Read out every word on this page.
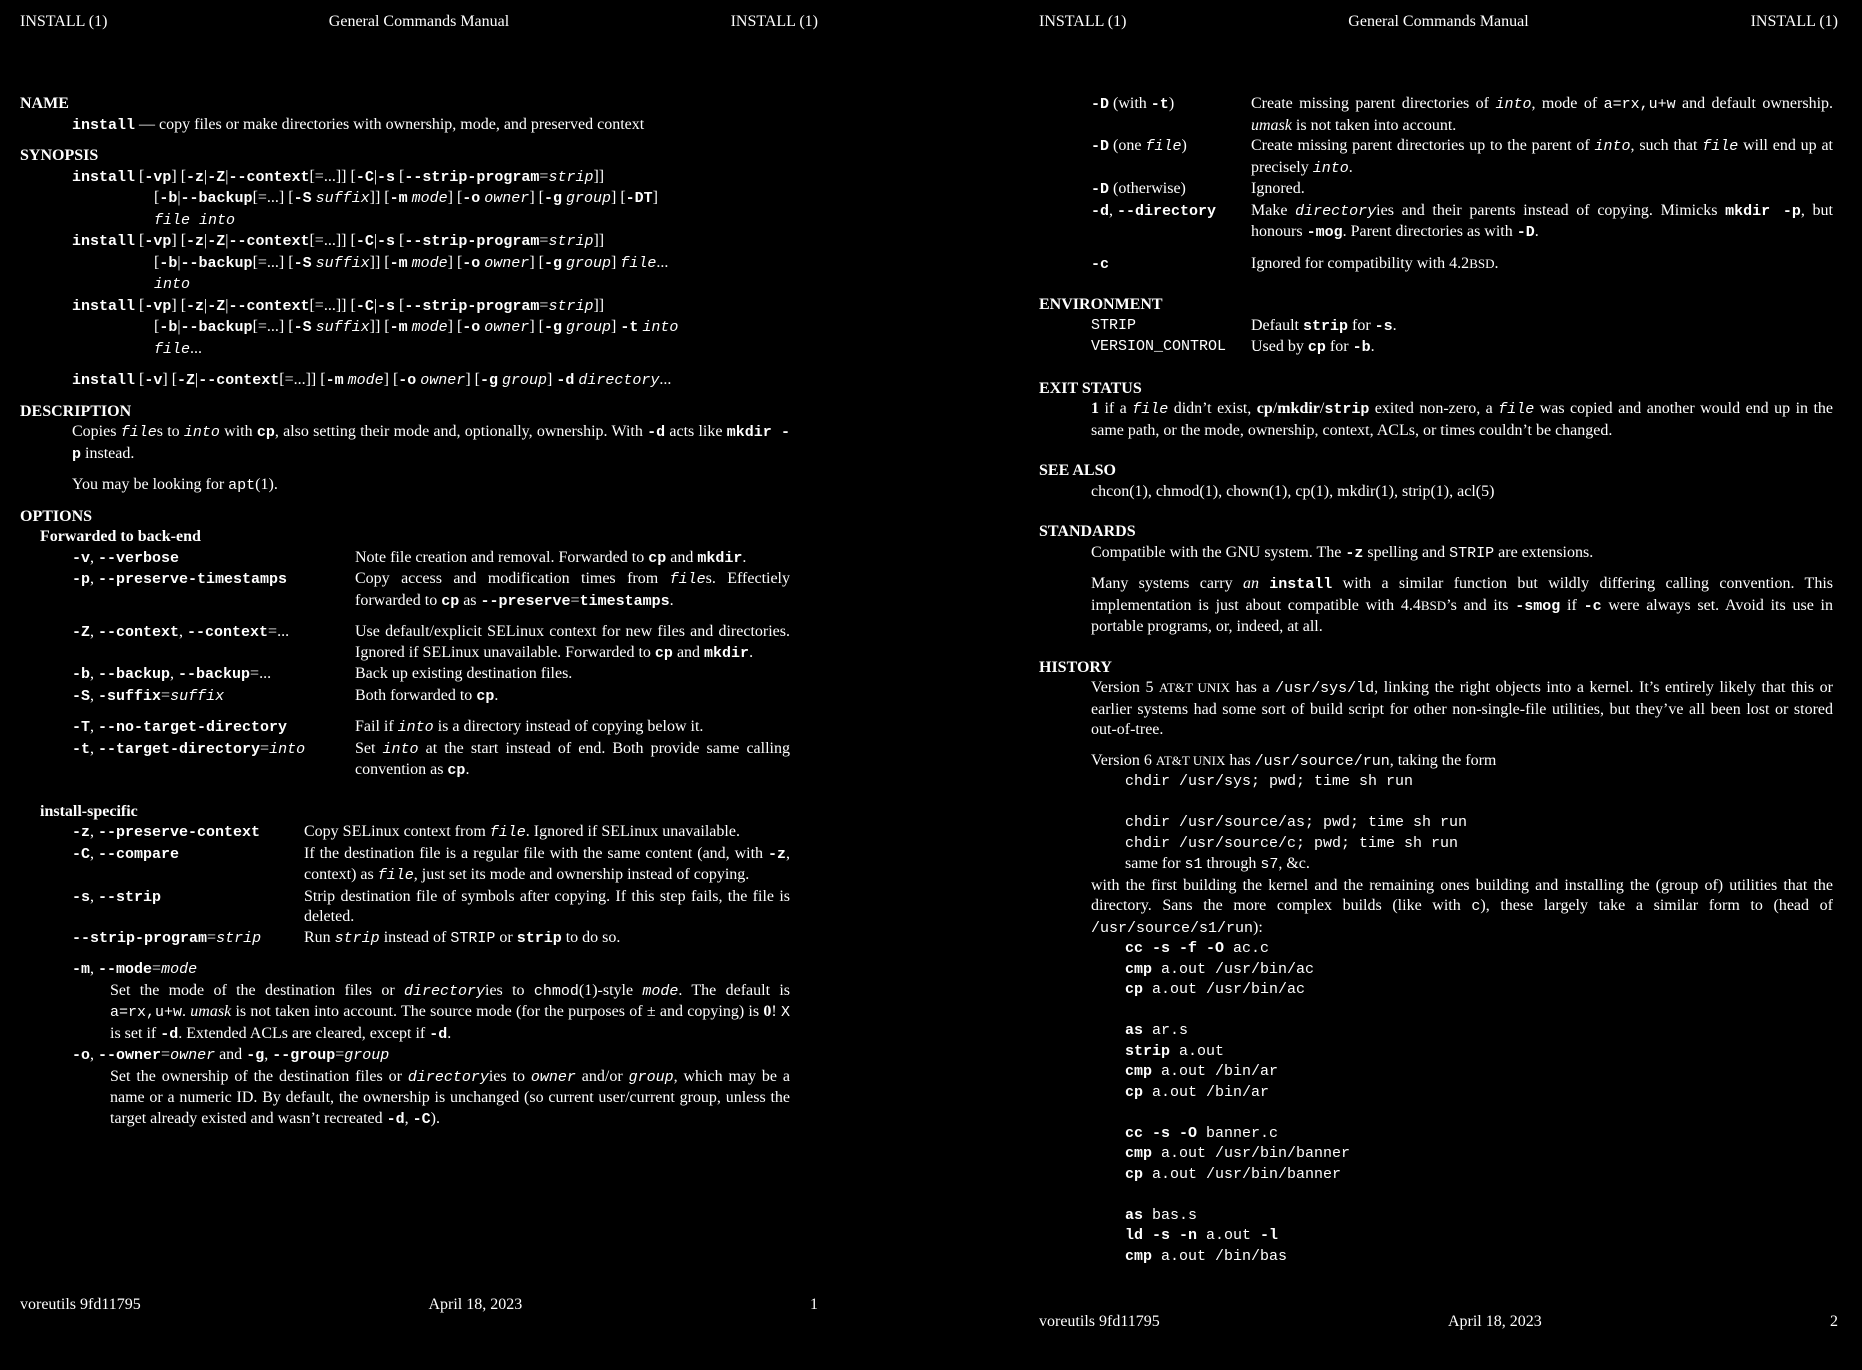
INSTALL (1)	General Commands Manual	INSTALL (1)

NAME

install — copy files or make directories with ownership, mode, and preserved context

SYNOPSIS

install [-vp] [-z|-Z|--context[=...]] [-C|-s [--strip-program=strip]]
[-b|--backup[=...] [-S suffix]] [-m mode] [-o owner] [-g group] [-DT]
file into
install [-vp] [-z|-Z|--context[=...]] [-C|-s [--strip-program=strip]]
[-b|--backup[=...] [-S suffix]] [-m mode] [-o owner] [-g group] file...
into
install [-vp] [-z|-Z|--context[=...]] [-C|-s [--strip-program=strip]]
[-b|--backup[=...] [-S suffix]] [-m mode] [-o owner] [-g group] -t into
file...
install [-v] [-Z|--context[=...]] [-m mode] [-o owner] [-g group] -d directory...

DESCRIPTION

Copies files to into with cp, also setting their mode and, optionally, ownership. With -d acts like mkdir -p instead.

You may be looking for apt(1).

OPTIONS

Forwarded to back-end

-v, --verbose	Note file creation and removal. Forwarded to cp and mkdir.
-p, --preserve-timestamps	Copy access and modification times from files. Effectiely forwarded to cp as --preserve=timestamps.
-Z, --context, --context=...	Use default/explicit SELinux context for new files and directories. Ignored if SELinux unavailable. Forwarded to cp and mkdir.
-b, --backup, --backup=...	Back up existing destination files.
-S, -suffix=suffix	Both forwarded to cp.
-T, --no-target-directory	Fail if into is a directory instead of copying below it.
-t, --target-directory=into	Set into at the start instead of end. Both provide same calling convention as cp.

install-specific

-z, --preserve-context	Copy SELinux context from file. Ignored if SELinux unavailable.
-C, --compare	If the destination file is a regular file with the same content (and, with -z, context) as file, just set its mode and ownership instead of copying.
-s, --strip	Strip destination file of symbols after copying. If this step fails, the file is deleted.
--strip-program=strip	Run strip instead of STRIP or strip to do so.
-m, --mode=mode

Set the mode of the destination files or directoryies to chmod(1)-style mode. The default is a=rx,u+w. umask is not taken into account. The source mode (for the purposes of ± and copying) is 0! X is set if -d. Extended ACLs are cleared, except if -d.

-o, --owner=owner and -g, --group=group

Set the ownership of the destination files or directoryies to owner and/or group, which may be a name or a numeric ID. By default, the ownership is unchanged (so current user/current group, unless the target already existed and wasn’t recreated -d, -C).

voreutils 9fd11795	April 18, 2023	1
INSTALL (1)	General Commands Manual	INSTALL (1)
-D (with -t)	Create missing parent directories of into, mode of a=rx,u+w and default ownership. umask is not taken into account.
-D (one file)	Create missing parent directories up to the parent of into, such that file will end up at precisely into.
-D (otherwise)	Ignored.
-d, --directory	Make directoryies and their parents instead of copying. Mimicks mkdir -p, but honours -mog. Parent directories as with -D.
-c	Ignored for compatibility with 4.2BSD.

ENVIRONMENT

STRIP	Default strip for -s.
VERSION_CONTROL	Used by cp for -b.

EXIT STATUS

1 if a file didn’t exist, cp/mkdir/strip exited non-zero, a file was copied and another would end up in the same path, or the mode, ownership, context, ACLs, or times couldn’t be changed.

SEE ALSO

chcon(1), chmod(1), chown(1), cp(1), mkdir(1), strip(1), acl(5)

STANDARDS

Compatible with the GNU system. The -z spelling and STRIP are extensions.

Many systems carry an install with a similar function but wildly differing calling convention. This implementation is just about compatible with 4.4BSD’s and its -smog if -c were always set. Avoid its use in portable programs, or, indeed, at all.

HISTORY

Version 5 AT&T UNIX has a /usr/sys/ld, linking the right objects into a kernel. It’s entirely likely that this or earlier systems had some sort of build script for other non-single-file utilities, but they’ve all been lost or stored out-of-tree.

Version 6 AT&T UNIX has /usr/source/run, taking the form

chdir /usr/sys; pwd; time sh run

chdir /usr/source/as; pwd; time sh run
chdir /usr/source/c; pwd; time sh run
same for s1 through s7, &c.

with the first building the kernel and the remaining ones building and installing the (group of) utilities that the directory. Sans the more complex builds (like with c), these largely take a similar form to (head of /usr/source/s1/run):

cc -s -f -O ac.c
cmp a.out /usr/bin/ac
cp a.out /usr/bin/ac

as ar.s
strip a.out
cmp a.out /bin/ar
cp a.out /bin/ar

cc -s -O banner.c
cmp a.out /usr/bin/banner
cp a.out /usr/bin/banner

as bas.s
ld -s -n a.out -l
cmp a.out /bin/bas
voreutils 9fd11795	April 18, 2023	2
